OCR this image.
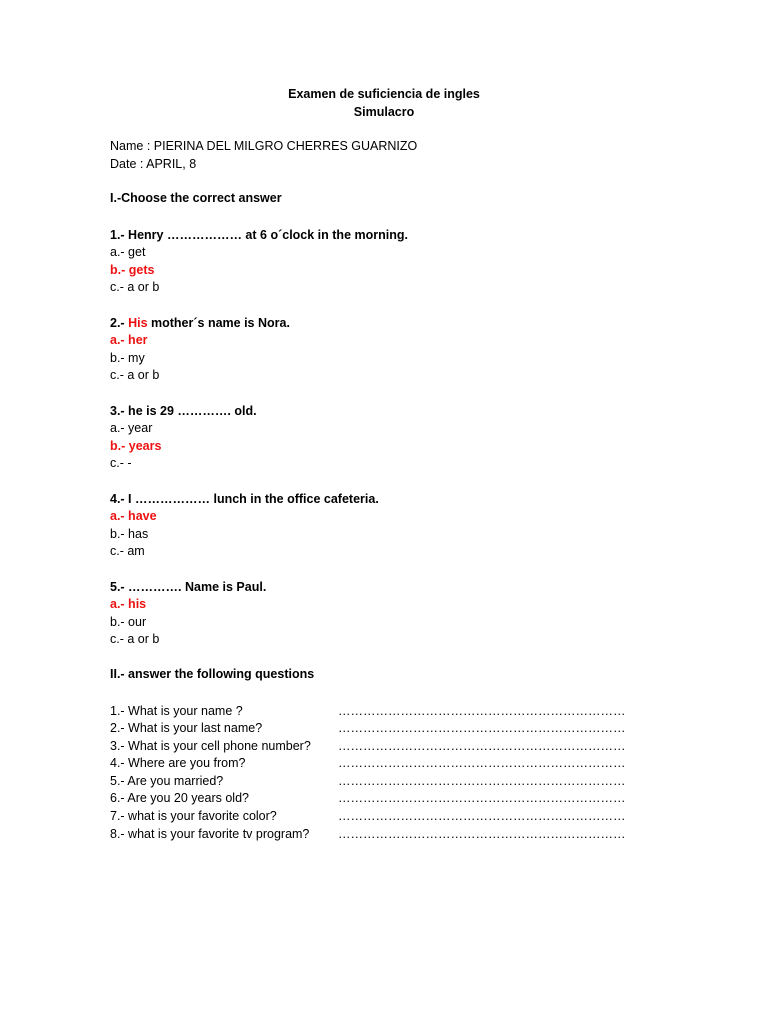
Examen de suficiencia de ingles
Simulacro
Name : PIERINA DEL MILGRO CHERRES GUARNIZO
Date : APRIL, 8
I.-Choose the correct answer
1.- Henry ……………… at 6 o´clock in the morning.
a.- get
b.- gets
c.- a or b
2.- His mother´s name is Nora.
a.- her
b.- my
c.- a or b
3.- he is 29 …………. old.
a.- year
b.- years
c.- -
4.- I ……………… lunch in the office cafeteria.
a.- have
b.- has
c.- am
5.- …………. Name is Paul.
a.- his
b.- our
c.- a or b
II.- answer the following questions
1.- What is your name ?	……………………………………………………………
2.- What is your last name?	……………………………………………………………
3.- What is your cell phone number?	……………………………………………………………
4.- Where are you from?	……………………………………………………………
5.- Are you married?	……………………………………………………………
6.- Are you 20 years old?	……………………………………………………………
7.- what is your favorite color?	……………………………………………………………
8.- what is your favorite tv program?	……………………………………………………………
